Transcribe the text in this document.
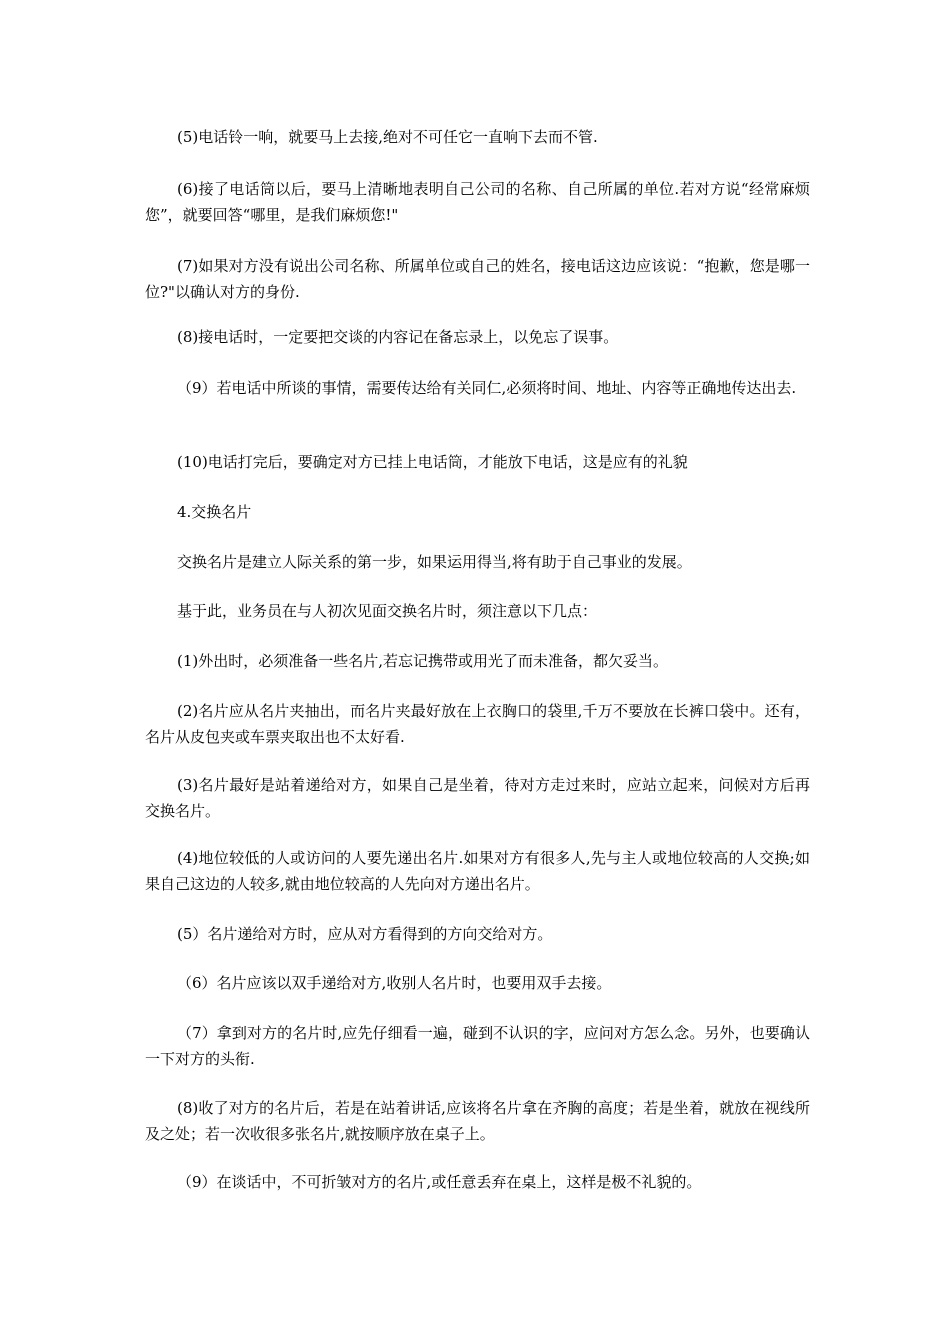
(5)电话铃一响，就要马上去接,绝对不可任它一直响下去而不管.

(6)接了电话筒以后，要马上清晰地表明自己公司的名称、自己所属的单位.若对方说“经常麻烦您”，就要回答“哪里，是我们麻烦您!"

(7)如果对方没有说出公司名称、所属单位或自己的姓名，接电话这边应该说：“抱歉，您是哪一位?"以确认对方的身份.

(8)接电话时，一定要把交谈的内容记在备忘录上，以免忘了误事。

（9）若电话中所谈的事情，需要传达给有关同仁,必须将时间、地址、内容等正确地传达出去.

(10)电话打完后，要确定对方已挂上电话筒，才能放下电话，这是应有的礼貌

4.交换名片

交换名片是建立人际关系的第一步，如果运用得当,将有助于自己事业的发展。

基于此，业务员在与人初次见面交换名片时，须注意以下几点：

(1)外出时，必须准备一些名片,若忘记携带或用光了而未准备，都欠妥当。

(2)名片应从名片夹抽出，而名片夹最好放在上衣胸口的袋里,千万不要放在长裤口袋中。还有，名片从皮包夹或车票夹取出也不太好看.

(3)名片最好是站着递给对方，如果自己是坐着，待对方走过来时，应站立起来，问候对方后再交换名片。

(4)地位较低的人或访问的人要先递出名片.如果对方有很多人,先与主人或地位较高的人交换;如果自己这边的人较多,就由地位较高的人先向对方递出名片。

(5）名片递给对方时，应从对方看得到的方向交给对方。

（6）名片应该以双手递给对方,收别人名片时，也要用双手去接。

（7）拿到对方的名片时,应先仔细看一遍，碰到不认识的字，应问对方怎么念。另外，也要确认一下对方的头衔.

(8)收了对方的名片后，若是在站着讲话,应该将名片拿在齐胸的高度；若是坐着，就放在视线所及之处；若一次收很多张名片,就按顺序放在桌子上。

（9）在谈话中，不可折皱对方的名片,或任意丢弃在桌上，这样是极不礼貌的。
